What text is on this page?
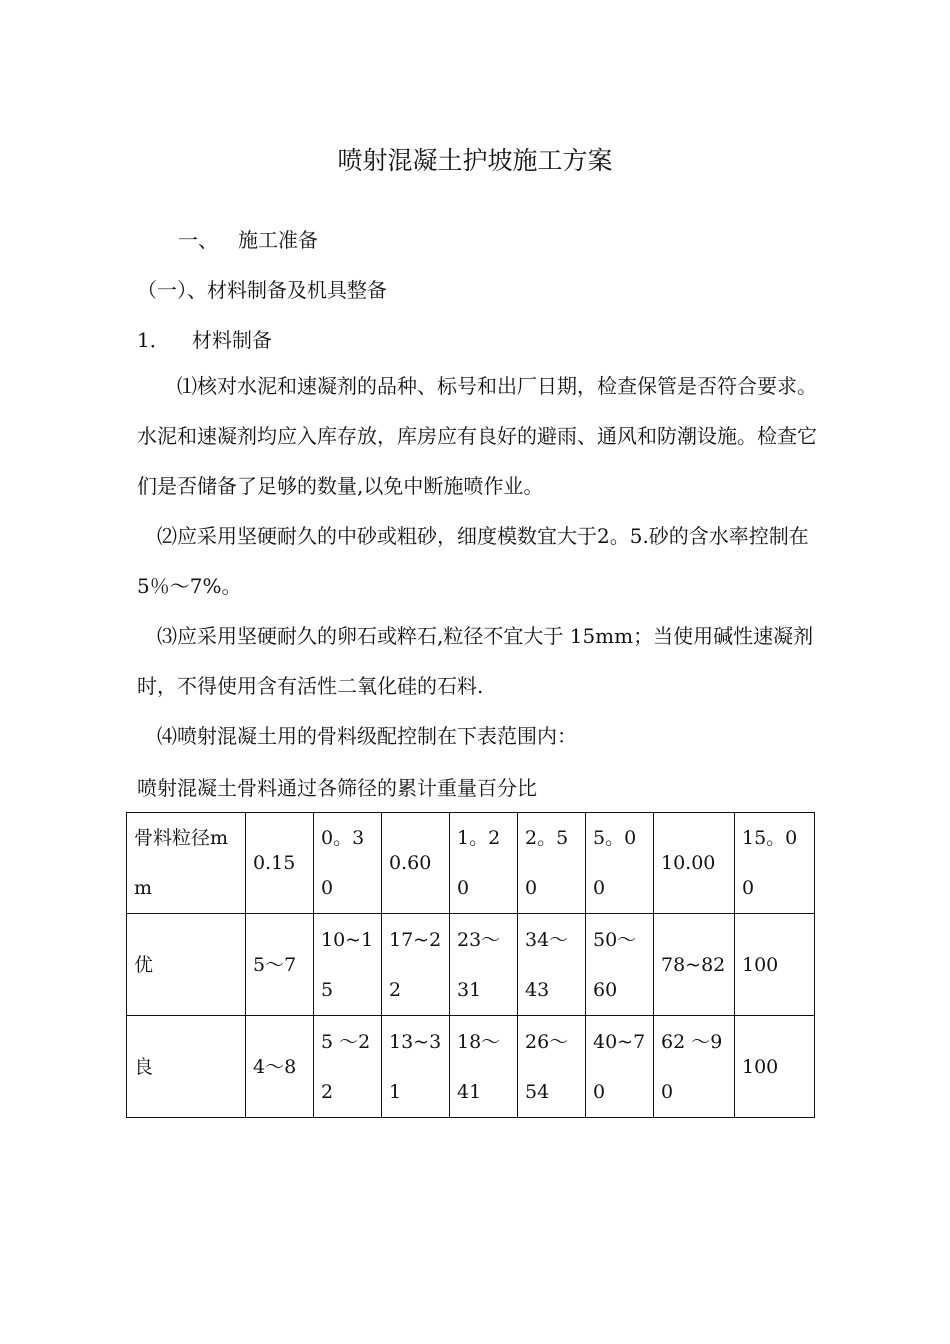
喷射混凝土护坡施工方案

一、 施工准备

（一）、材料制备及机具整备

1． 材料制备

⑴核对水泥和速凝剂的品种、标号和出厂日期，检查保管是否符合要求。水泥和速凝剂均应入库存放，库房应有良好的避雨、通风和防潮设施。检查它们是否储备了足够的数量,以免中断施喷作业。

⑵应采用坚硬耐久的中砂或粗砂，细度模数宜大于2。5.砂的含水率控制在5％～7%。

⑶应采用坚硬耐久的卵石或粹石,粒径不宜大于 15mm；当使用碱性速凝剂时，不得使用含有活性二氧化硅的石料.

⑷喷射混凝土用的骨料级配控制在下表范围内：

喷射混凝土骨料通过各筛径的累计重量百分比

骨料粒径mm	0.15	0。30	0.60	1。20	2。50	5。00	10.00	15。00
优	5～7	10~15	17~22	23～31	34～43	50～60	78~82	100
良	4～8	5 ～22	13~31	18～41	26～54	40~70	62 ～90	100
